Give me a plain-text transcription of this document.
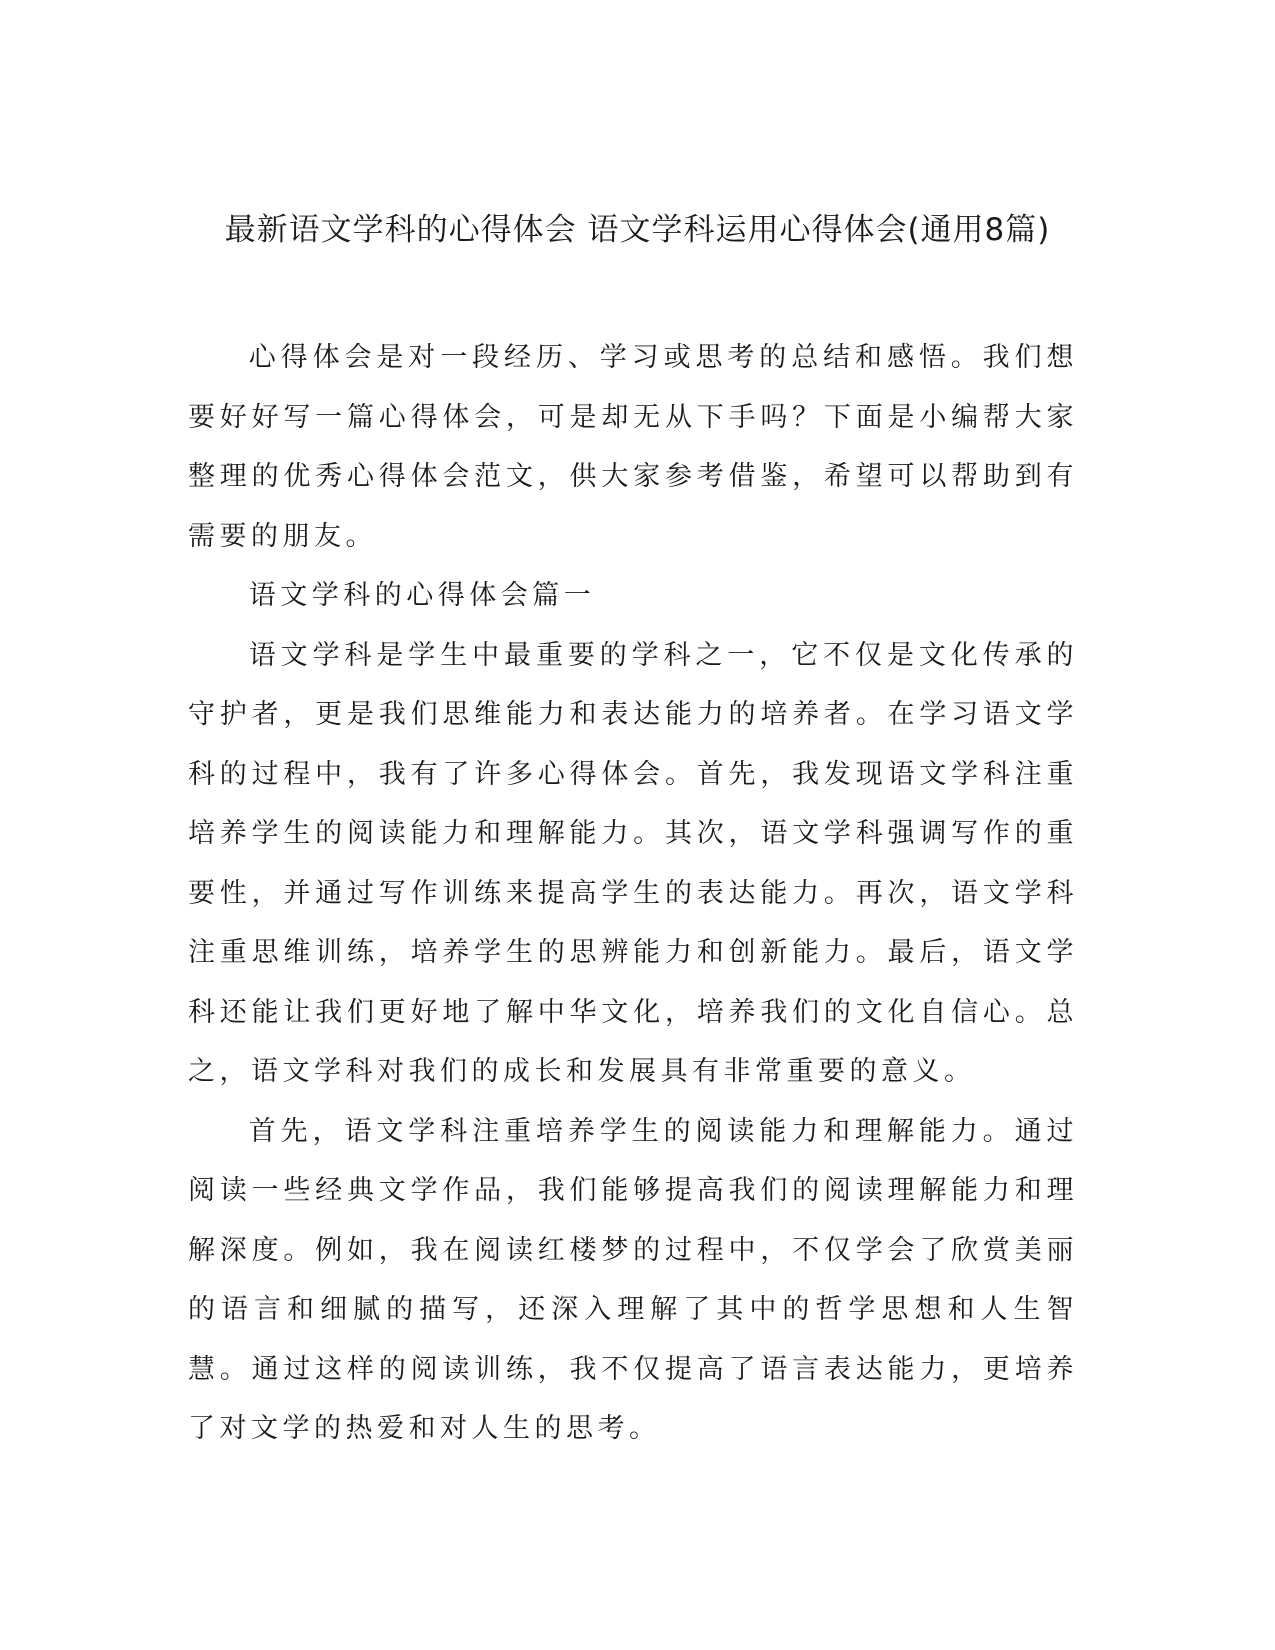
最新语文学科的心得体会 语文学科运用心得体会(通用8篇)

心得体会是对一段经历、学习或思考的总结和感悟。我们想要好好写一篇心得体会，可是却无从下手吗？下面是小编帮大家整理的优秀心得体会范文，供大家参考借鉴，希望可以帮助到有需要的朋友。

语文学科的心得体会篇一

语文学科是学生中最重要的学科之一，它不仅是文化传承的守护者，更是我们思维能力和表达能力的培养者。在学习语文学科的过程中，我有了许多心得体会。首先，我发现语文学科注重培养学生的阅读能力和理解能力。其次，语文学科强调写作的重要性，并通过写作训练来提高学生的表达能力。再次，语文学科注重思维训练，培养学生的思辨能力和创新能力。最后，语文学科还能让我们更好地了解中华文化，培养我们的文化自信心。总之，语文学科对我们的成长和发展具有非常重要的意义。

首先，语文学科注重培养学生的阅读能力和理解能力。通过阅读一些经典文学作品，我们能够提高我们的阅读理解能力和理解深度。例如，我在阅读红楼梦的过程中，不仅学会了欣赏美丽的语言和细腻的描写，还深入理解了其中的哲学思想和人生智慧。通过这样的阅读训练，我不仅提高了语言表达能力，更培养了对文学的热爱和对人生的思考。
